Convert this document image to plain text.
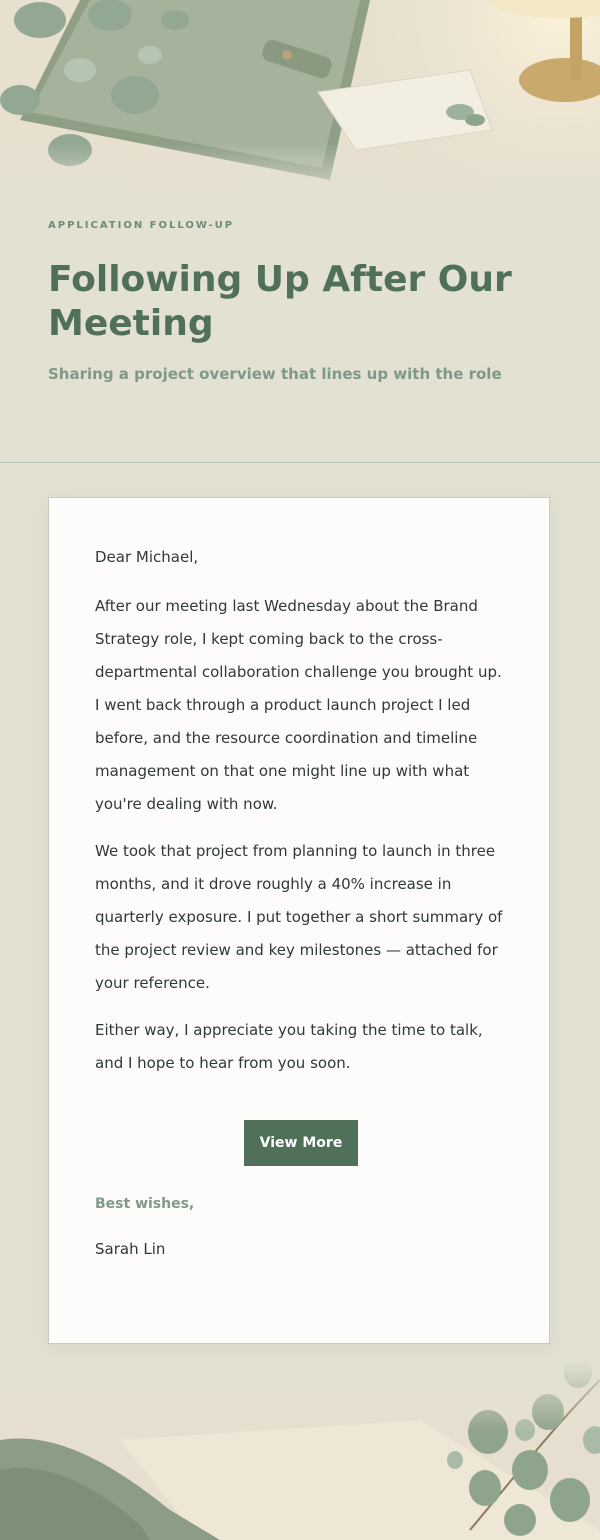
APPLICATION FOLLOW-UP
Following Up After Our Meeting
Sharing a project overview that lines up with the role

Dear Michael,

After our meeting last Wednesday about the Brand Strategy role, I kept coming back to the cross-departmental collaboration challenge you brought up. I went back through a product launch project I led before, and the resource coordination and timeline management on that one might line up with what you're dealing with now.

We took that project from planning to launch in three months, and it drove roughly a 40% increase in quarterly exposure. I put together a short summary of the project review and key milestones — attached for your reference.

Either way, I appreciate you taking the time to talk, and I hope to hear from you soon.

View More

Best wishes,

Sarah Lin
